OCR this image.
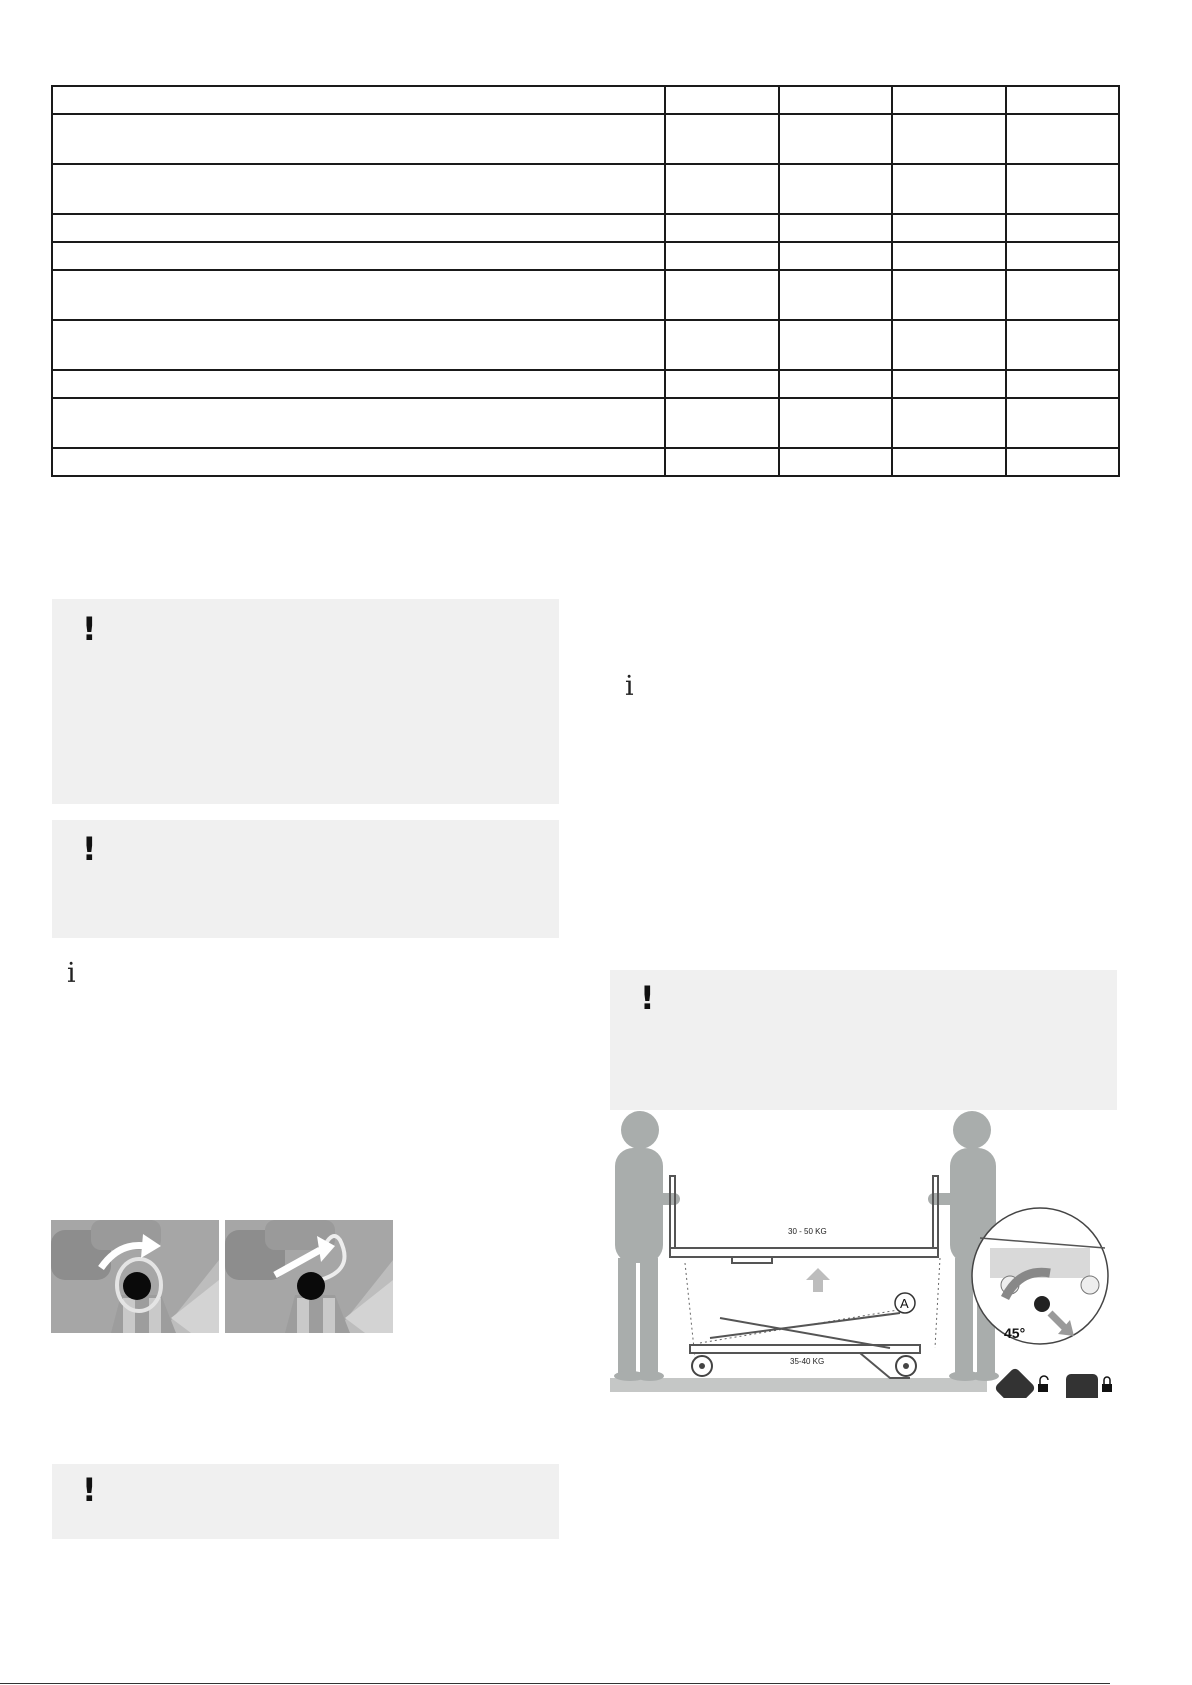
!
!
i
!
i
!
30 - 50 KG
35-40 KG
A
45°
